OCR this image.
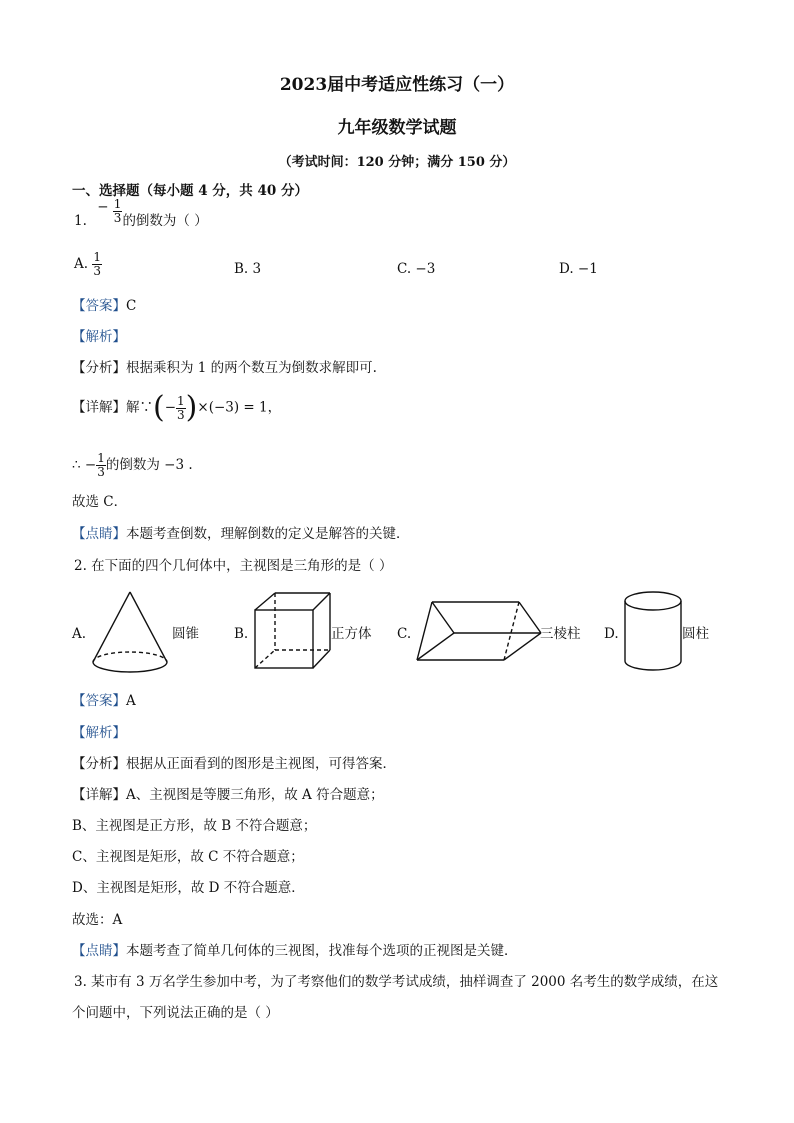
2023届中考适应性练习（一）
九年级数学试题
（考试时间：120 分钟；满分 150 分）
一、选择题（每小题 4 分，共 40 分）
1. − $\frac{1}{3}$ 的倒数为（ ）
A. $\frac{1}{3}$	B. 3	C. −3	D. −1
【答案】C
【解析】
【分析】根据乘积为 1 的两个数互为倒数求解即可.
【详解】解∵(− $\frac{1}{3} )\times(-3) = 1$，
∴ − $\frac{1}{3}$ 的倒数为 −3 .
故选 C．
【点睛】本题考查倒数，理解倒数的定义是解答的关键．
2. 在下面的四个几何体中，主视图是三角形的是（ ）
A.	圆锥	B.	正方体 C.	三棱柱 D.	圆柱
【答案】A
【解析】
【分析】根据从正面看到的图形是主视图，可得答案．
【详解】A、主视图是等腰三角形，故 A 符合题意；
B、主视图是正方形，故 B 不符合题意；
C、主视图是矩形，故 C 不符合题意；
D、主视图是矩形，故 D 不符合题意．
故选：A
【点睛】本题考查了简单几何体的三视图，找准每个选项的正视图是关键．
3. 某市有 3 万名学生参加中考，为了考察他们的数学考试成绩，抽样调查了 2000 名考生的数学成绩，在这
个问题中，下列说法正确的是（ ）
